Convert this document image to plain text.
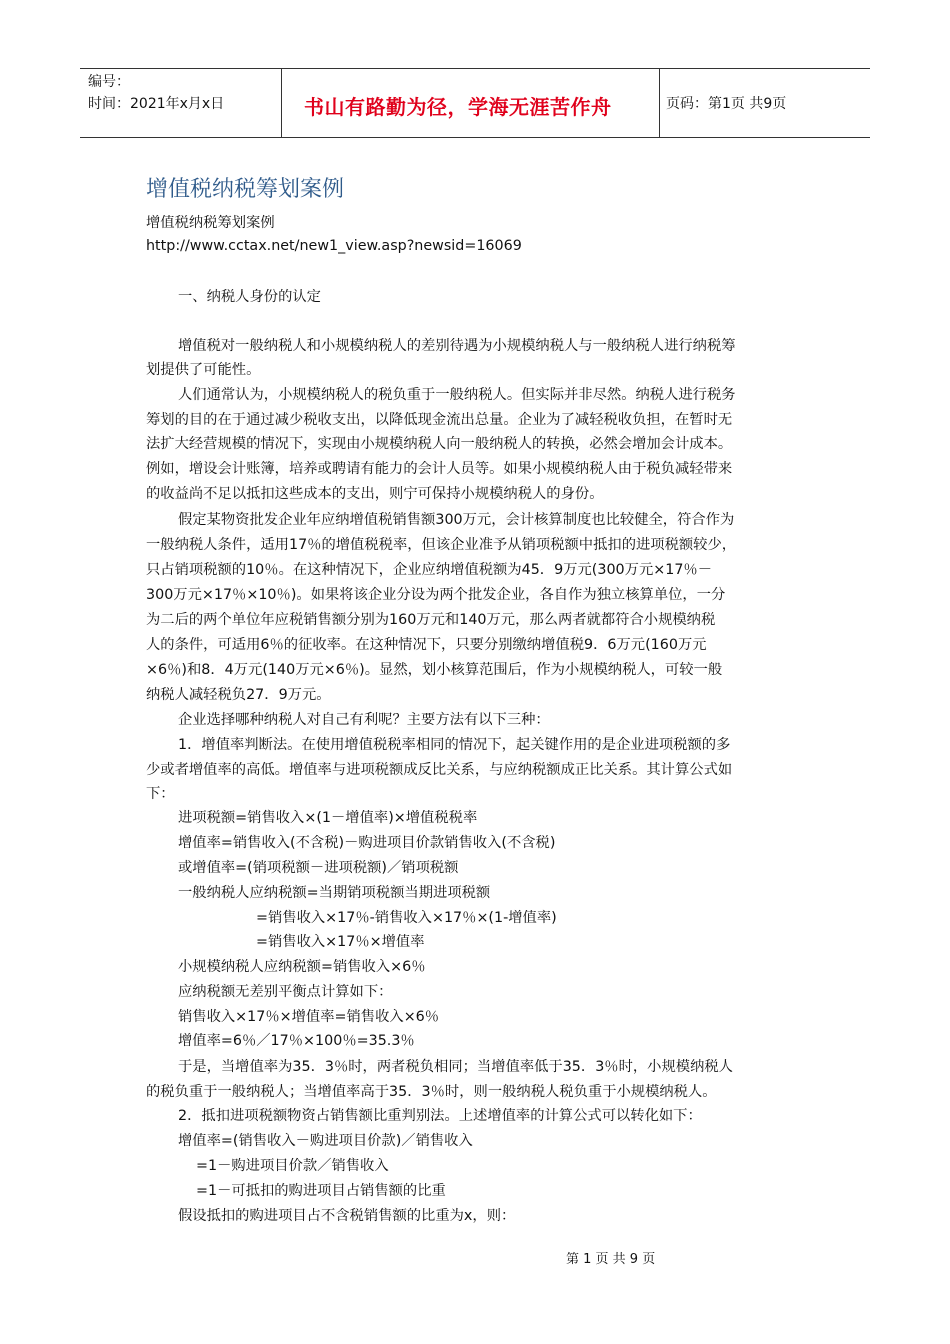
编号：
时间：2021年x月x日	书山有路勤为径，学海无涯苦作舟	页码：第1页 共9页
增值税纳税筹划案例
增值税纳税筹划案例
http://www.cctax.net/new1_view.asp?newsid=16069
一、纳税人身份的认定
增值税对一般纳税人和小规模纳税人的差别待遇为小规模纳税人与一般纳税人进行纳税筹
划提供了可能性。
人们通常认为，小规模纳税人的税负重于一般纳税人。但实际并非尽然。纳税人进行税务
筹划的目的在于通过减少税收支出，以降低现金流出总量。企业为了减轻税收负担，在暂时无
法扩大经营规模的情况下，实现由小规模纳税人向一般纳税人的转换，必然会增加会计成本。
例如，增设会计账簿，培养或聘请有能力的会计人员等。如果小规模纳税人由于税负减轻带来
的收益尚不足以抵扣这些成本的支出，则宁可保持小规模纳税人的身份。
假定某物资批发企业年应纳增值税销售额300万元，会计核算制度也比较健全，符合作为
一般纳税人条件，适用17％的增值税税率，但该企业准予从销项税额中抵扣的进项税额较少，
只占销项税额的10％。在这种情况下，企业应纳增值税额为45．9万元(300万元×17％－
300万元×17％×10％)。如果将该企业分设为两个批发企业，各自作为独立核算单位，一分
为二后的两个单位年应税销售额分别为160万元和140万元，那么两者就都符合小规模纳税
人的条件，可适用6％的征收率。在这种情况下，只要分别缴纳增值税9．6万元(160万元
×6％)和8．4万元(140万元×6％)。显然，划小核算范围后，作为小规模纳税人，可较一般
纳税人减轻税负27．9万元。
企业选择哪种纳税人对自己有利呢？主要方法有以下三种：
1．增值率判断法。在使用增值税税率相同的情况下，起关键作用的是企业进项税额的多
少或者增值率的高低。增值率与进项税额成反比关系，与应纳税额成正比关系。其计算公式如
下：
进项税额=销售收入×(1－增值率)×增值税税率
增值率=销售收入(不含税)－购进项目价款销售收入(不含税)
或增值率=(销项税额－进项税额)／销项税额
一般纳税人应纳税额=当期销项税额当期进项税额
=销售收入×17％-销售收入×17％×(1-增值率)
=销售收入×17％×增值率
小规模纳税人应纳税额=销售收入×6％
应纳税额无差别平衡点计算如下：
销售收入×17％×增值率=销售收入×6％
增值率=6％／17％×100％=35.3％
于是，当增值率为35．3％时，两者税负相同；当增值率低于35．3％时，小规模纳税人
的税负重于一般纳税人；当增值率高于35．3％时，则一般纳税人税负重于小规模纳税人。
2．抵扣进项税额物资占销售额比重判别法。上述增值率的计算公式可以转化如下：
增值率=(销售收入－购进项目价款)／销售收入
=1－购进项目价款／销售收入
=1－可抵扣的购进项目占销售额的比重
假设抵扣的购进项目占不含税销售额的比重为x，则：
第 1 页 共 9 页
